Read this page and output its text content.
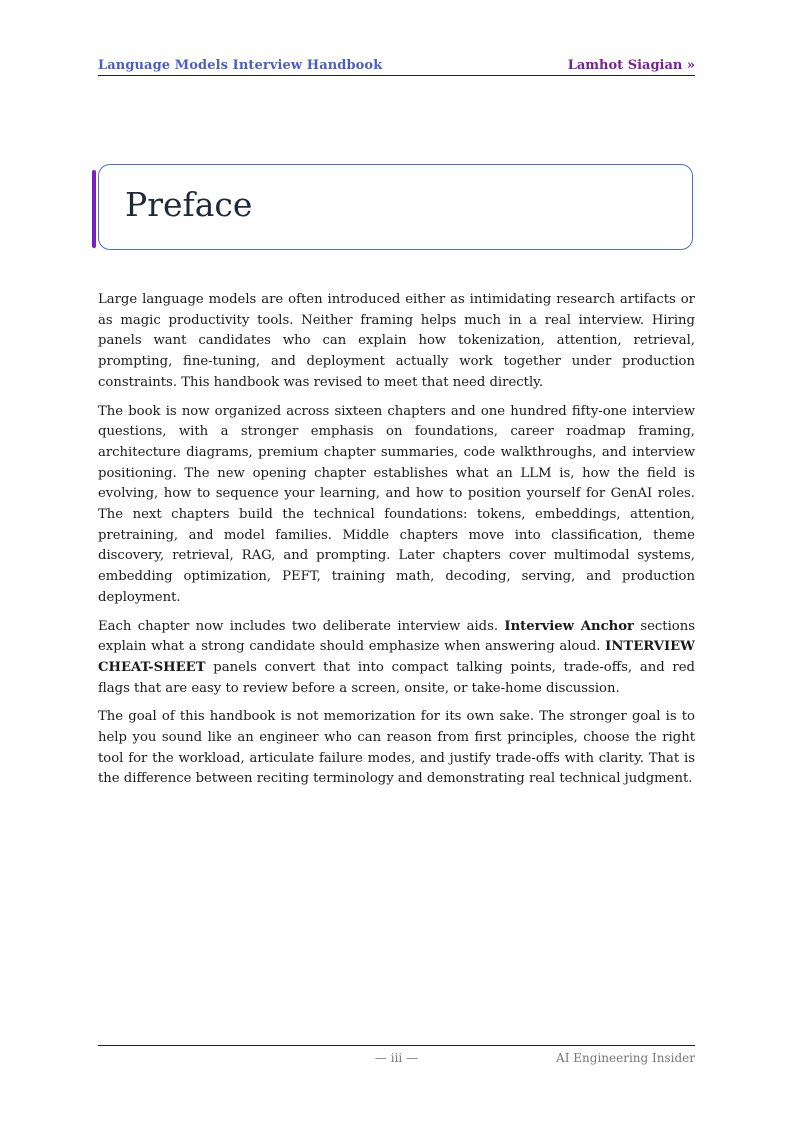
Language Models Interview Handbook	Lamhot Siagian »
Preface

Large language models are often introduced either as intimidating research artifacts or as magic productivity tools. Neither framing helps much in a real interview. Hiring panels want candidates who can explain how tokenization, attention, retrieval, prompting, fine-tuning, and deployment actually work together under production constraints. This handbook was revised to meet that need directly.

The book is now organized across sixteen chapters and one hundred fifty-one interview questions, with a stronger emphasis on foundations, career roadmap framing, architecture diagrams, premium chapter summaries, code walkthroughs, and interview positioning. The new opening chapter establishes what an LLM is, how the field is evolving, how to sequence your learning, and how to position yourself for GenAI roles. The next chapters build the technical foundations: tokens, embeddings, attention, pretraining, and model families. Middle chapters move into classification, theme discovery, retrieval, RAG, and prompting. Later chapters cover multimodal systems, embedding optimization, PEFT, training math, decoding, serving, and production deployment.

Each chapter now includes two deliberate interview aids. Interview Anchor sections explain what a strong candidate should emphasize when answering aloud. INTERVIEW CHEAT-SHEET panels convert that into compact talking points, trade-offs, and red flags that are easy to review before a screen, onsite, or take-home discussion.

The goal of this handbook is not memorization for its own sake. The stronger goal is to help you sound like an engineer who can reason from first principles, choose the right tool for the workload, articulate failure modes, and justify trade-offs with clarity. That is the difference between reciting terminology and demonstrating real technical judgment.

— iii —	AI Engineering Insider
